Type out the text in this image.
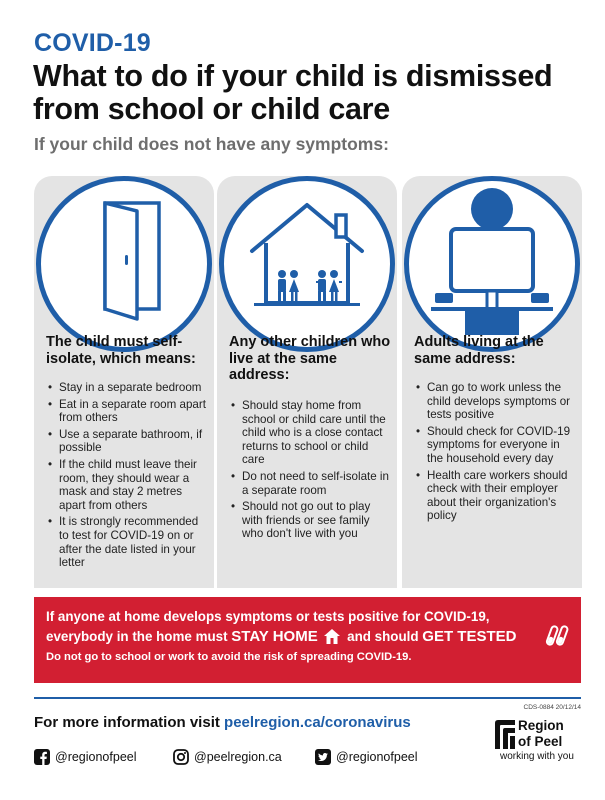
COVID-19
What to do if your child is dismissed from school or child care
If your child does not have any symptoms:
The child must self-isolate, which means:
• Stay in a separate bedroom
• Eat in a separate room apart from others
• Use a separate bathroom, if possible
• If the child must leave their room, they should wear a mask and stay 2 metres apart from others
• It is strongly recommended to test for COVID-19 on or after the date listed in your letter
Any other children who live at the same address:
• Should stay home from school or child care until the child who is a close contact returns to school or child care
• Do not need to self-isolate in a separate room
• Should not go out to play with friends or see family who don't live with you
Adults living at the same address:
• Can go to work unless the child develops symptoms or tests positive
• Should check for COVID-19 symptoms for everyone in the household every day
• Health care workers should check with their employer about their organization's policy
If anyone at home develops symptoms or tests positive for COVID-19,
everybody in the home must STAY HOME  and should GET TESTED
Do not go to school or work to avoid the risk of spreading COVID-19.
CDS-0884 20/12/14
For more information visit peelregion.ca/coronavirus
@regionofpeel	@peelregion.ca	@regionofpeel
Region
of Peel
working with you
